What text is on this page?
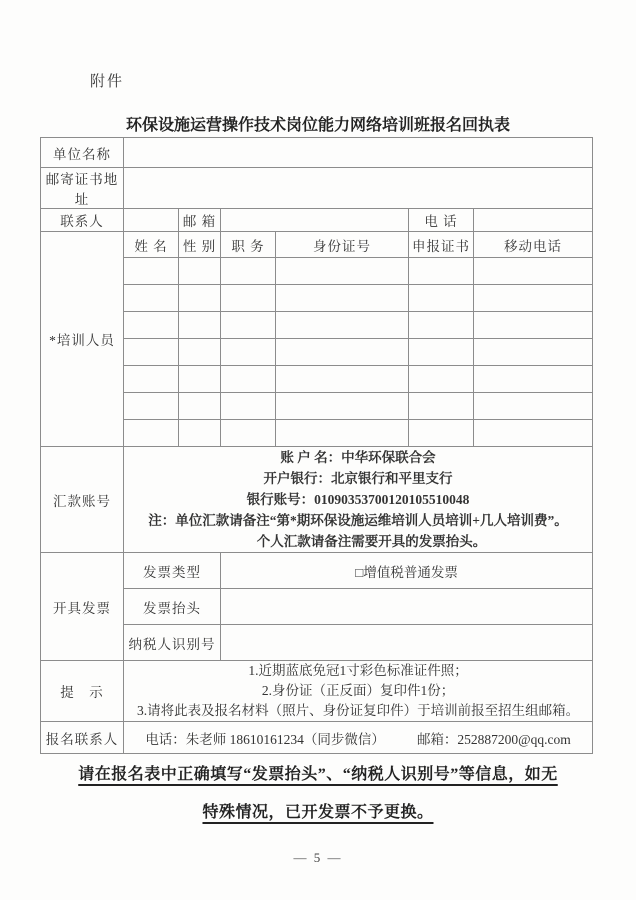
附件
环保设施运营操作技术岗位能力网络培训班报名回执表
单位名称						
邮寄证书地址						
联系人		邮 箱			电 话	
*培训人员	姓 名	性 别	职 务	身份证号	申报证书	移动电话

汇款账号	账 户 名：中华环保联合会
开户银行：北京银行和平里支行
银行账号：01090353700120105510048
注：单位汇款请备注“第*期环保设施运维培训人员培训+几人培训费”。
个人汇款请备注需要开具的发票抬头。					

开具发票	发票类型		□增值税普通发票			
	发票抬头					
	纳税人识别号					
提　示	1.近期蓝底免冠1寸彩色标准证件照；
2.身份证（正反面）复印件1份；
3.请将此表及报名材料（照片、身份证复印件）于培训前报至招生组邮箱。					

报名联系人	电话：朱老师 18610161234（同步微信） 邮箱：252887200@qq.com					
请在报名表中正确填写“发票抬头”、“纳税人识别号”等信息，如无
特殊情况，已开发票不予更换。
— 5 —
